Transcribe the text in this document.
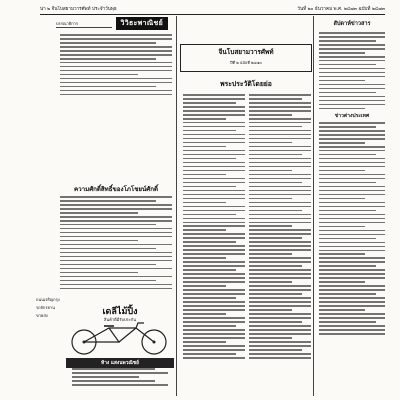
น่า ๒ จีนโบสยามวารศัพท์ ประจำวันพุธ	วันที่ ๒๐ ธันวาคม พ.ศ. ๒๔๗๓ ฉบับที่ ๒๔๗๓
บรรณาธิการ	วิวิธะพาณิชย์
ความศักดิ์สิทธิ์ของโภโชยน์ศักดิ์
เดลีไม้ปิ้ง
สินค้าดีมีรับประกัน
ห้าง แสงนพวณิชย์
ถนนเจริญกรุง
รถจักรยาน
ขายส่ง
จีนโบสยามวารศัพท์
ปีที่ ๒ ฉบับที่ ๒๔๗๓
พระประวัติโดยย่อ
สัปดาห์ข่าวสาร
ข่าวต่างประเทศ
